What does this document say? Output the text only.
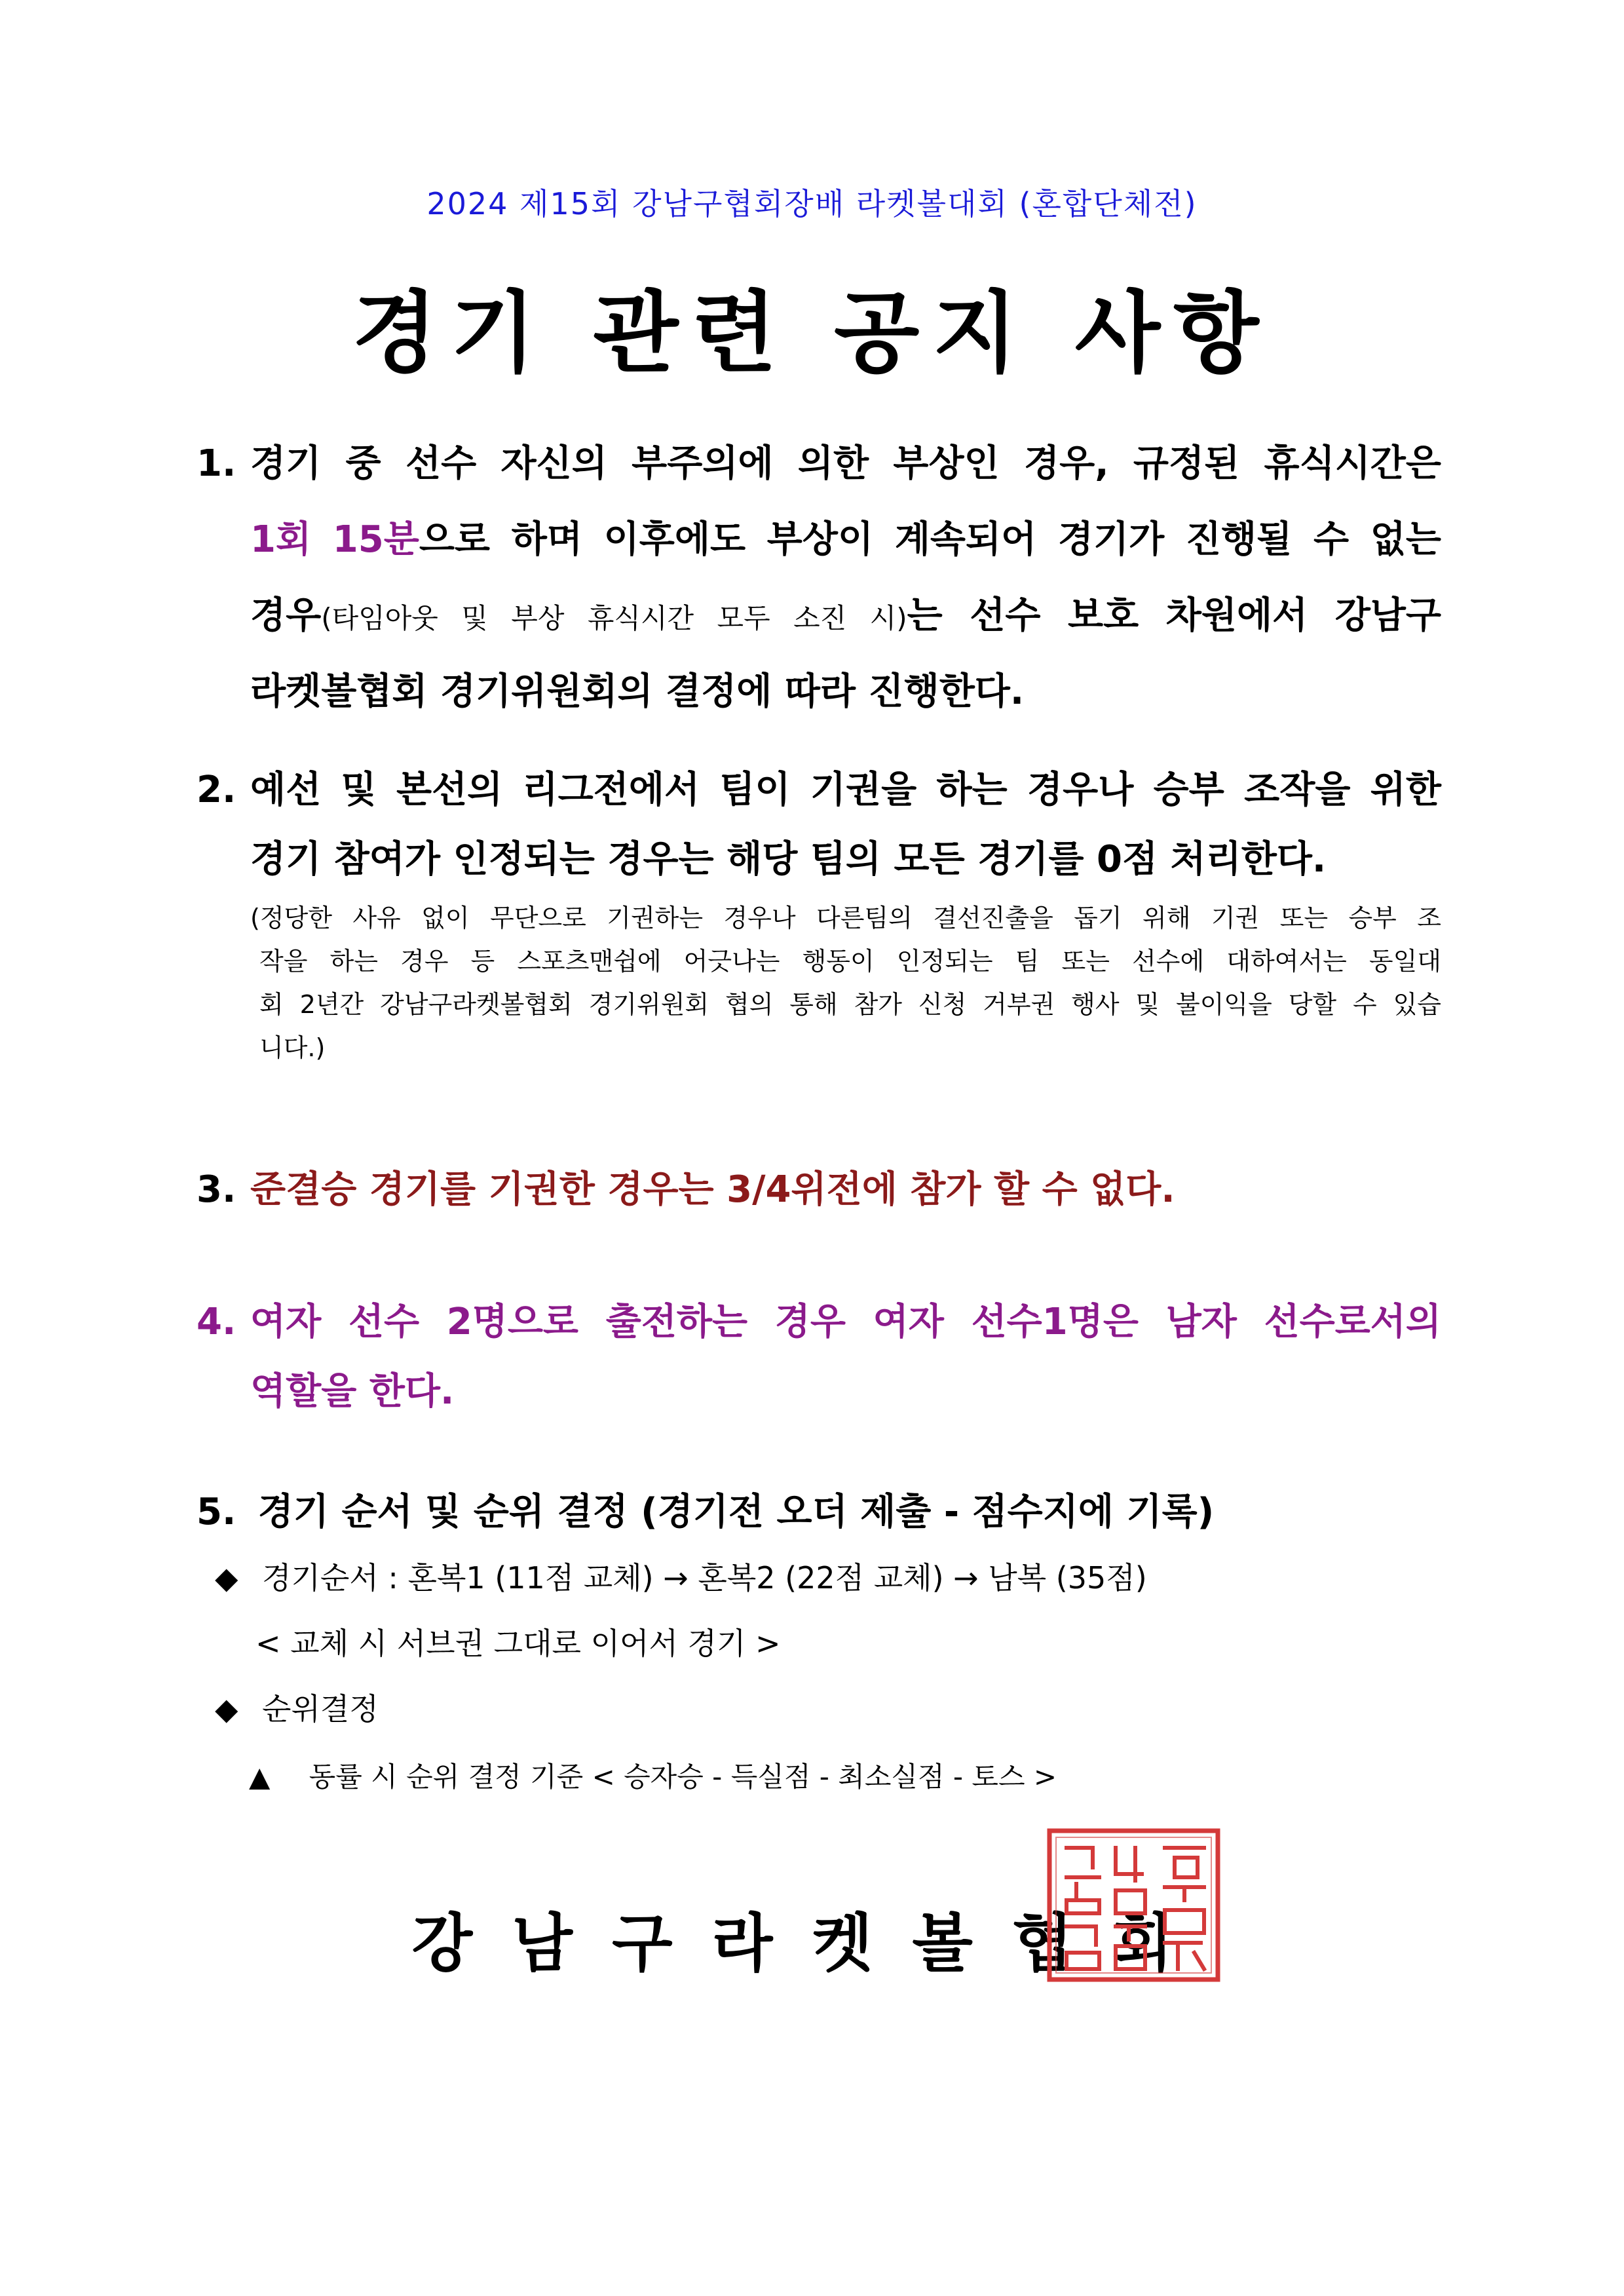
2024 제15회 강남구협회장배 라켓볼대회 (혼합단체전)
경기 관련 공지 사항
1. 경기 중 선수 자신의 부주의에 의한 부상인 경우, 규정된 휴식시간은
1회 15분으로 하며 이후에도 부상이 계속되어 경기가 진행될 수 없는
경우(타임아웃 및 부상 휴식시간 모두 소진 시)는 선수 보호 차원에서 강남구
라켓볼협회 경기위원회의 결정에 따라 진행한다.
2. 예선 및 본선의 리그전에서 팀이 기권을 하는 경우나 승부 조작을 위한
경기 참여가 인정되는 경우는 해당 팀의 모든 경기를 0점 처리한다.
(정당한 사유 없이 무단으로 기권하는 경우나 다른팀의 결선진출을 돕기 위해 기권 또는 승부 조
작을 하는 경우 등 스포츠맨쉽에 어긋나는 행동이 인정되는 팀 또는 선수에 대하여서는 동일대
회 2년간 강남구라켓볼협회 경기위원회 협의 통해 참가 신청 거부권 행사 및 불이익을 당할 수 있습
니다.)
3. 준결승 경기를 기권한 경우는 3/4위전에 참가 할 수 없다.
4. 여자 선수 2명으로 출전하는 경우 여자 선수1명은 남자 선수로서의
역할을 한다.
5. 경기 순서 및 순위 결정 (경기전 오더 제출 - 점수지에 기록)
◆ 경기순서 : 혼복1 (11점 교체) → 혼복2 (22점 교체) → 남복 (35점)
< 교체 시 서브권 그대로 이어서 경기 >
◆ 순위결정
▲ 동률 시 순위 결정 기준 < 승자승 - 득실점 - 최소실점 - 토스 >
강남구라켓볼협회
